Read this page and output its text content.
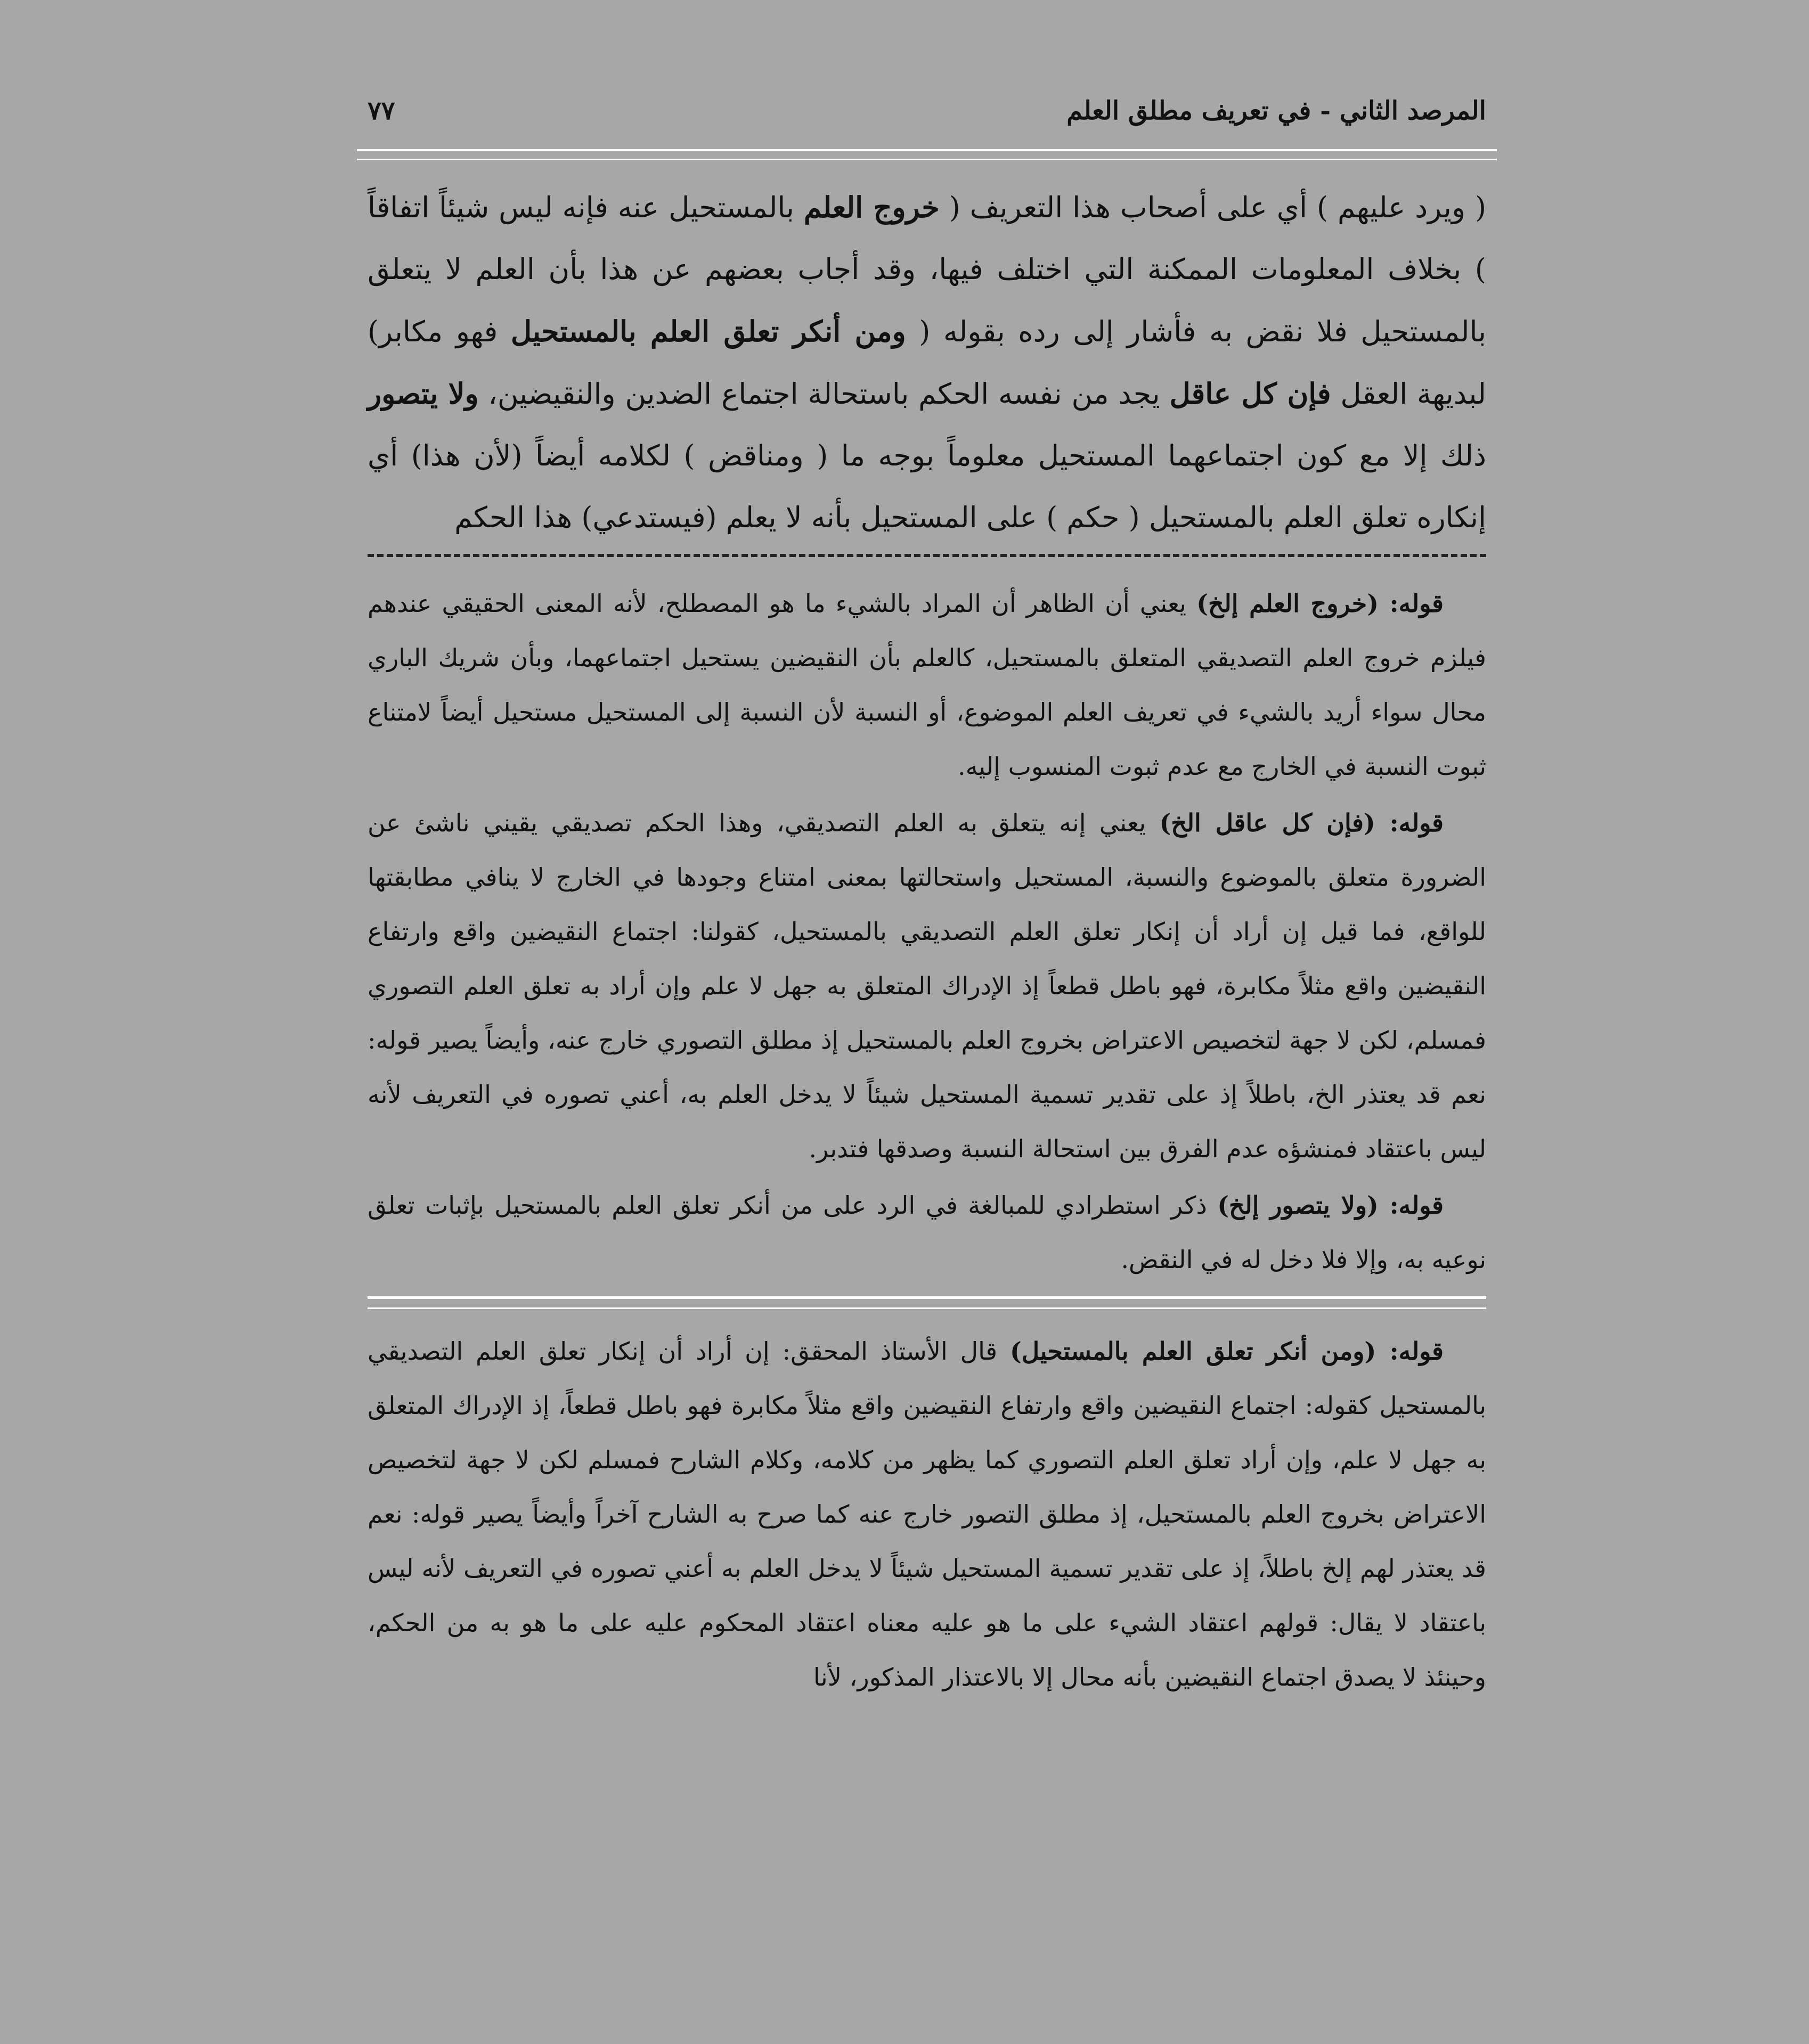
المرصد الثاني - في تعريف مطلق العلم
٧٧
( ويرد عليهم ) أي على أصحاب هذا التعريف ( خروج العلم بالمستحيل عنه فإنه ليس شيئاً اتفاقاً ) بخلاف المعلومات الممكنة التي اختلف فيها، وقد أجاب بعضهم عن هذا بأن العلم لا يتعلق بالمستحيل فلا نقض به فأشار إلى رده بقوله ( ومن أنكر تعلق العلم بالمستحيل فهو مكابر) لبديهة العقل فإن كل عاقل يجد من نفسه الحكم باستحالة اجتماع الضدين والنقيضين، ولا يتصور ذلك إلا مع كون اجتماعهما المستحيل معلوماً بوجه ما ( ومناقض ) لكلامه أيضاً (لأن هذا) أي إنكاره تعلق العلم بالمستحيل ( حكم ) على المستحيل بأنه لا يعلم (فيستدعي) هذا الحكم

قوله: (خروج العلم إلخ) يعني أن الظاهر أن المراد بالشيء ما هو المصطلح، لأنه المعنى الحقيقي عندهم فيلزم خروج العلم التصديقي المتعلق بالمستحيل، كالعلم بأن النقيضين يستحيل اجتماعهما، وبأن شريك الباري محال سواء أريد بالشيء في تعريف العلم الموضوع، أو النسبة لأن النسبة إلى المستحيل مستحيل أيضاً لامتناع ثبوت النسبة في الخارج مع عدم ثبوت المنسوب إليه.

قوله: (فإن كل عاقل الخ) يعني إنه يتعلق به العلم التصديقي، وهذا الحكم تصديقي يقيني ناشئ عن الضرورة متعلق بالموضوع والنسبة، المستحيل واستحالتها بمعنى امتناع وجودها في الخارج لا ينافي مطابقتها للواقع، فما قيل إن أراد أن إنكار تعلق العلم التصديقي بالمستحيل، كقولنا: اجتماع النقيضين واقع وارتفاع النقيضين واقع مثلاً مكابرة، فهو باطل قطعاً إذ الإدراك المتعلق به جهل لا علم وإن أراد به تعلق العلم التصوري فمسلم، لكن لا جهة لتخصيص الاعتراض بخروج العلم بالمستحيل إذ مطلق التصوري خارج عنه، وأيضاً يصير قوله: نعم قد يعتذر الخ، باطلاً إذ على تقدير تسمية المستحيل شيئاً لا يدخل العلم به، أعني تصوره في التعريف لأنه ليس باعتقاد فمنشؤه عدم الفرق بين استحالة النسبة وصدقها فتدبر.

قوله: (ولا يتصور إلخ) ذكر استطرادي للمبالغة في الرد على من أنكر تعلق العلم بالمستحيل بإثبات تعلق نوعيه به، وإلا فلا دخل له في النقض.

قوله: (ومن أنكر تعلق العلم بالمستحيل) قال الأستاذ المحقق: إن أراد أن إنكار تعلق العلم التصديقي بالمستحيل كقوله: اجتماع النقيضين واقع وارتفاع النقيضين واقع مثلاً مكابرة فهو باطل قطعاً، إذ الإدراك المتعلق به جهل لا علم، وإن أراد تعلق العلم التصوري كما يظهر من كلامه، وكلام الشارح فمسلم لكن لا جهة لتخصيص الاعتراض بخروج العلم بالمستحيل، إذ مطلق التصور خارج عنه كما صرح به الشارح آخراً وأيضاً يصير قوله: نعم قد يعتذر لهم إلخ باطلاً، إذ على تقدير تسمية المستحيل شيئاً لا يدخل العلم به أعني تصوره في التعريف لأنه ليس باعتقاد لا يقال: قولهم اعتقاد الشيء على ما هو عليه معناه اعتقاد المحكوم عليه على ما هو به من الحكم، وحينئذ لا يصدق اجتماع النقيضين بأنه محال إلا بالاعتذار المذكور، لأنا
